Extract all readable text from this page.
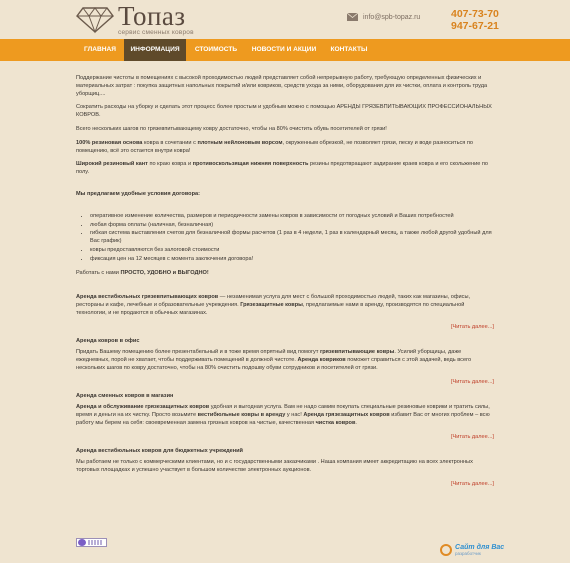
Топаз
сервис сменных ковров
info@spb-topaz.ru	407-73-70
947-67-21
ГЛАВНАЯ	ИНФОРМАЦИЯ	СТОИМОСТЬ	НОВОСТИ И АКЦИИ	КОНТАКТЫ
Поддержание чистоты в помещениях с высокой проходимостью людей представляет собой непрерывную работу, требующую определенных физических и материальных затрат : покупка защитных напольных покрытий и/или ковриков, средств ухода за ними, оборудования для их чистки, оплата и контроль труда уборщиц....
Сократить расходы на уборку и сделать этот процесс более простым и удобным можно с помощью АРЕНДЫ ГРЯЗЕВПИТЫВАЮЩИХ ПРОФЕССИОНАЛЬНЫХ КОВРОВ.
Всего нескольких шагов по грязевпитывающему ковру достаточно, чтобы на 80% очистить обувь посетителей от грязи!
100% резиновая основа ковра в сочетании с плотным нейлоновым ворсом, окруженным обрезкой, не позволяет грязи, песку и воде разноситься по помещению, всё это остается внутри ковра!
Широкий резиновый кант по краю ковра и противоскользящая нижняя поверхность резины предотвращают задирание краев ковра и его скольжение по полу.
Мы предлагаем удобные условия договора:
• оперативное изменение количества, размеров и периодичности замены ковров в зависимости от погодных условий и Ваших потребностей
• любая форма оплаты (наличная, безналичная)
• гибкая система выставления счетов для безналичной формы расчетов (1 раз в 4 недели, 1 раз в календарный месяц, а также любой другой удобный для Вас график)
• ковры предоставляются без залоговой стоимости
• фиксация цен на 12 месяцев с момента заключения договора!
Работать с нами ПРОСТО, УДОБНО и ВЫГОДНО!
Аренда вестибюльных грязевпитывающих ковров — незаменимая услуга для мест с большой проходимостью людей, таких как магазины, офисы, рестораны и кафе, лечебные и образовательные учреждения. Грязезащитные ковры, предлагаемые нами в аренду, производятся по специальной технологии, и не продаются в обычных магазинах.
[Читать далее...]
Аренда ковров в офис
Придать Вашему помещению более презентабельный и в тоже время опрятный вид помогут грязевпитывающие ковры. Усилий уборщицы, даже ежедневных, порой не хватает, чтобы поддерживать помещений в должной чистоте. Аренда ковриков поможет справиться с этой задачей, ведь всего нескольких шагов по ковру достаточно, чтобы на 80% очистить подошву обуви сотрудников и посетителей от грязи.
[Читать далее...]
Аренда сменных ковров в магазин
Аренда и обслуживание грязезащитных ковров удобная и выгодная услуга. Вам не надо самим покупать специальные резиновые коврики и тратить силы, время и деньги на их чистку. Просто возьмите вестибюльные ковры в аренду у нас! Аренда грязезащитных ковров избавит Вас от многих проблем – всю работу мы берем на себя: своевременная замена грязных ковров на чистые, качественная чистка ковров.
[Читать далее...]
Аренда вестибюльных ковров для бюджетных учреждений
Мы работаем не только с коммерческими клиентами, но и с государственными заказчиками . Наша компания имеет аккредитацию на всех электронных торговых площадках и успешно участвует в большом количестве электронных аукционов.
[Читать далее...]
Сайт для Вас
разработчик
